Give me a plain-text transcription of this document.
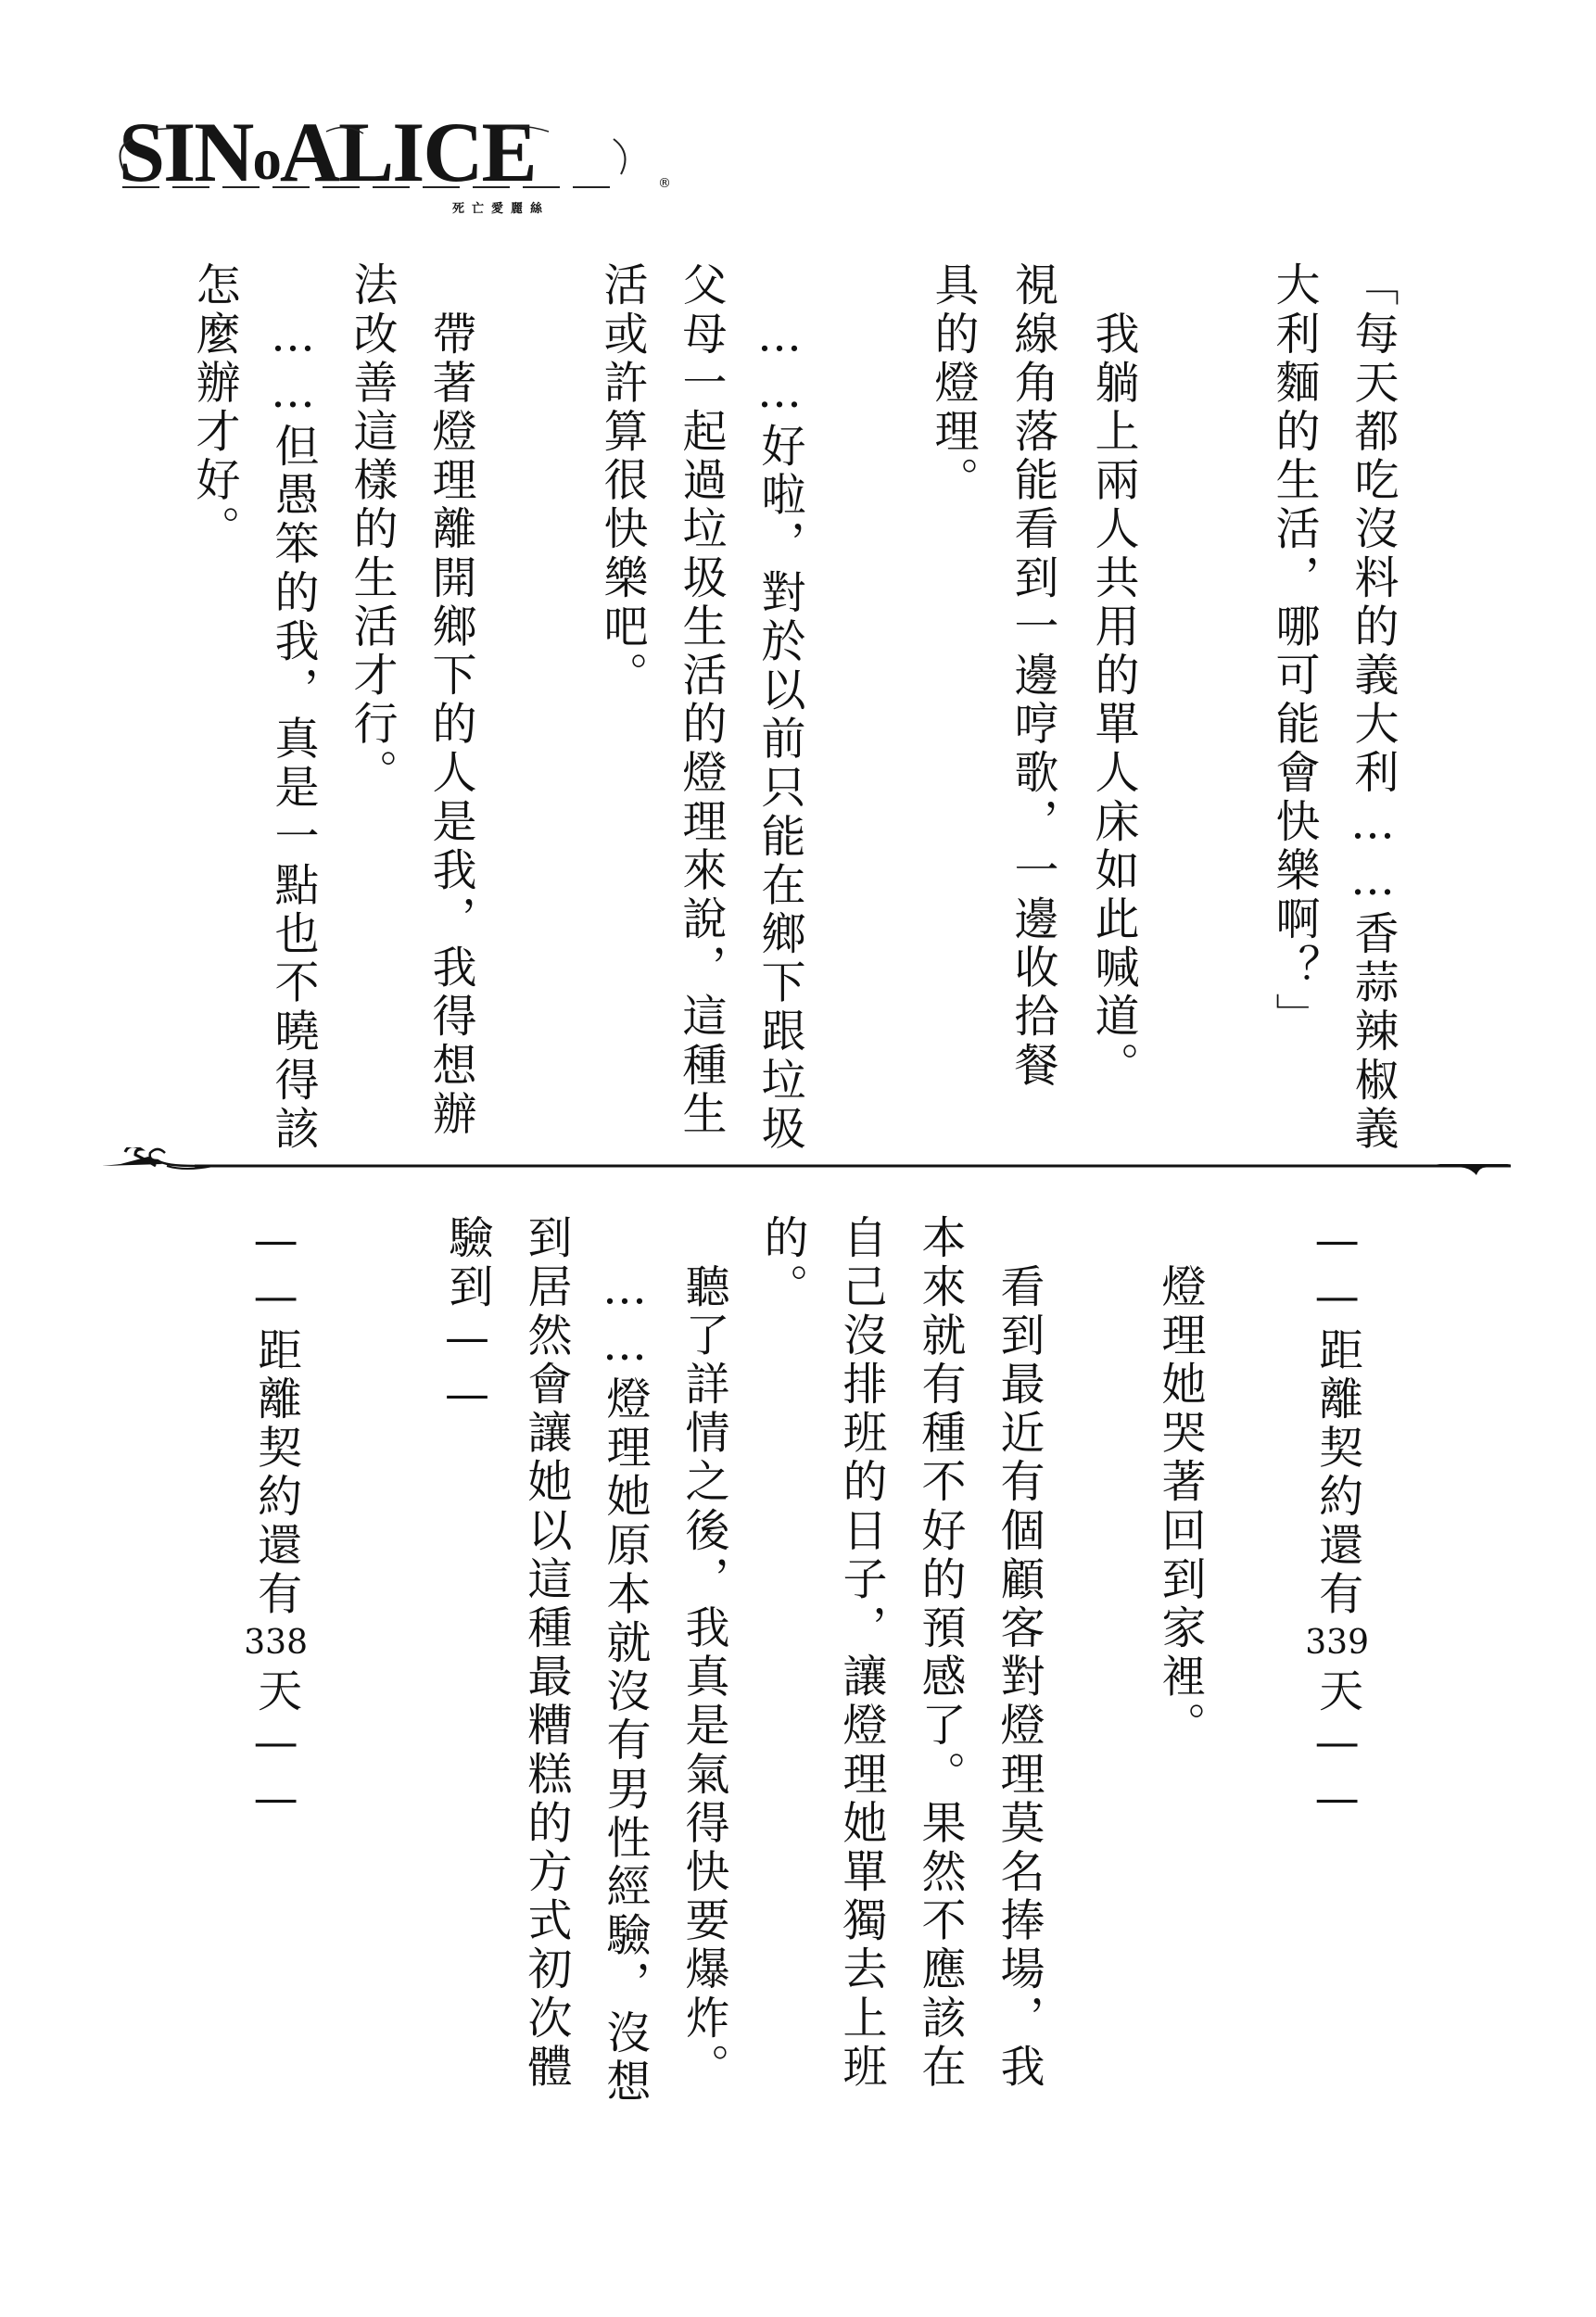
SINoALICE	®
死亡愛麗絲
「每天都吃沒料的義大利……香蒜辣椒義
大利麵的生活，哪可能會快樂啊？」
　我躺上兩人共用的單人床如此喊道。
視線角落能看到一邊哼歌，一邊收拾餐
具的燈理。
　……好啦，對於以前只能在鄉下跟垃圾
父母一起過垃圾生活的燈理來說，這種生
活或許算很快樂吧。
　帶著燈理離開鄉下的人是我，我得想辦
法改善這樣的生活才行。
　……但愚笨的我，真是一點也不曉得該
怎麼辦才好。
——距離契約還有339天——
　燈理她哭著回到家裡。
　看到最近有個顧客對燈理莫名捧場，我
本來就有種不好的預感了。果然不應該在
自己沒排班的日子，讓燈理她單獨去上班
的。
　聽了詳情之後，我真是氣得快要爆炸。
　……燈理她原本就沒有男性經驗，沒想
到居然會讓她以這種最糟糕的方式初次體
驗到——
——距離契約還有338天——
